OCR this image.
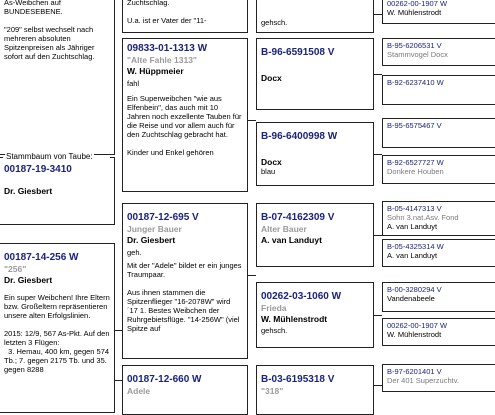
As-Weibchen auf
BUNDESEBENE.

"209" selbst wechselt nach mehreren absoluten Spitzenpreisen als Jähriger sofort auf den Zuchtschlag.
00187-19-3410
Dr. Giesbert
Stammbaum von Taube:
00187-14-256 W
"256"
Dr. Giesbert
Ein super Weibchen! Ihre Eltern bzw. Großeltern repräsentieren unsere alten Erfolgslinien.

2015: 12/9, 567 As-Pkt. Auf den letzten 3 Flügen:
3. Hemau, 400 km, gegen 574 Tb.; 7. gegen 2175 Tb. und 35. gegen 8288
Zuchtschlag.

U.a. ist er Vater der "11-
09833-01-1313 W
"Alte Fahle 1313"
W. Hüppmeier
fahl
Ein Superweibchen "wie aus Elfenbein", das auch mit 10 Jahren noch exzellente Tauben für die Reise und vor allem auch für den Zuchtschlag gebracht hat.

Kinder und Enkel gehören
00187-12-695 V
Junger Bauer
Dr. Giesbert
geh.
Mit der "Adele" bildet er ein junges Traumpaar.

Aus ihnen stammen die Spitzenflieger "16-2078W" wird ´17 1. Bestes Weibchen der Ruhrgebietsflüge. "14-256W" (viel Spitze auf
00187-12-660 W
Adele
gehsch.
B-96-6591508 V
Docx
B-96-6400998 W
Docx
blau
B-07-4162309 V
Alter Bauer
A. van Landuyt
00262-03-1060 W
Frieda
W. Mühlenstrodt
gehsch.
B-03-6195318 V
"318"
00262-00-1907 W
W. Mühlenstrodt
B-95-6206531 V
Stammvogel Docx
B-92-6237410 W
B-95-6575467 V
B-92-6527727 W
Donkere Houben
B-05-4147313 V
Sohn 3.nat.Asv. Fond
A. van Landuyt
B-05-4325314 W
A. van Landuyt
B-00-3280294 V
Vandenabeele
00262-00-1907 W
W. Mühlenstrodt
B-97-6201401 V
Der 401 Superzuchtv.
